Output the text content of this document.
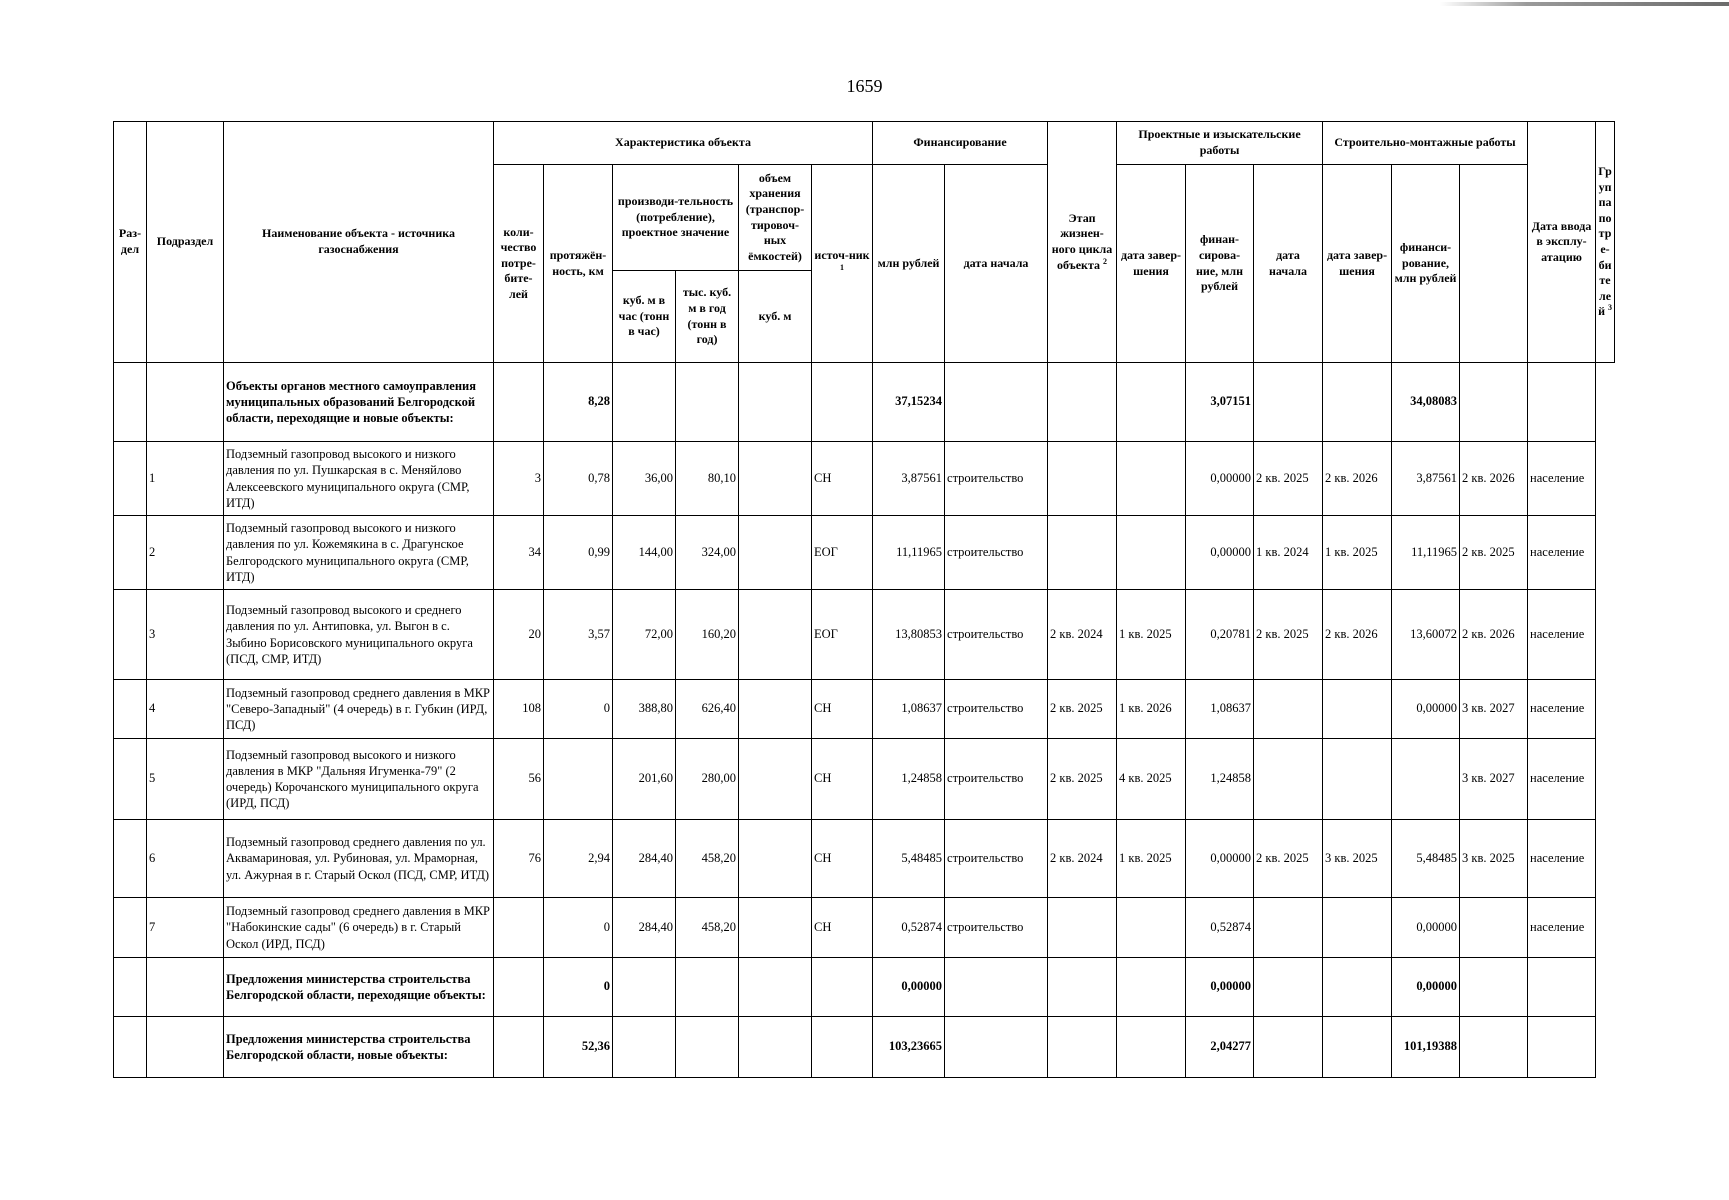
1659
Раз-дел	Подраздел	Наименование объекта - источника газоснабжения	Характеристика объекта						Финансирование		Этап жизнен-ного цикла объекта $^2$	Проектные и изыскательские работы			Строительно-монтажные работы			Дата ввода в эксплу-атацию	Группа потре-бителей $^3$
			коли-чество потре-бите-лей	протяжён-ность, км	производи-тельность (потребление), проектное значение		объем хранения (транспор-тировоч-ных ёмкостей)	источ-ник $^1$	млн рублей	дата начала		дата завер-шения	финан-сирова-ние, млн рублей	дата начала	дата завер-шения	финанси-рование, млн рублей			
					куб. м в час (тонн в час)	тыс. куб. м в год (тонн в год)	куб. м												
		Объекты органов местного самоуправления муниципальных образований Белгородской области, переходящие и новые объекты:		8,28					37,15234				3,07151			34,08083			
	1	Подземный газопровод высокого и низкого давления по ул. Пушкарская в с. Меняйлово Алексеевского муниципального округа (СМР, ИТД)	3	0,78	36,00	80,10		СН	3,87561	строительство			0,00000	2 кв. 2025	2 кв. 2026	3,87561	2 кв. 2026	население	
	2	Подземный газопровод высокого и низкого давления по ул. Кожемякина в с. Драгунское Белгородского муниципального округа (СМР, ИТД)	34	0,99	144,00	324,00		ЕОГ	11,11965	строительство			0,00000	1 кв. 2024	1 кв. 2025	11,11965	2 кв. 2025	население	
	3	Подземный газопровод высокого и среднего давления по ул. Антиповка, ул. Выгон в с. Зыбино Борисовского муниципального округа (ПСД, СМР, ИТД)	20	3,57	72,00	160,20		ЕОГ	13,80853	строительство	2 кв. 2024	1 кв. 2025	0,20781	2 кв. 2025	2 кв. 2026	13,60072	2 кв. 2026	население	
	4	Подземный газопровод среднего давления в МКР "Северо-Западный" (4 очередь) в г. Губкин (ИРД, ПСД)	108	0	388,80	626,40		СН	1,08637	строительство	2 кв. 2025	1 кв. 2026	1,08637			0,00000	3 кв. 2027	население	
	5	Подземный газопровод высокого и низкого давления в МКР "Дальняя Игуменка-79" (2 очередь) Корочанского муниципального округа (ИРД, ПСД)	56		201,60	280,00		СН	1,24858	строительство	2 кв. 2025	4 кв. 2025	1,24858				3 кв. 2027	население	
	6	Подземный газопровод среднего давления по ул. Аквамариновая, ул. Рубиновая, ул. Мраморная, ул. Ажурная в г. Старый Оскол (ПСД, СМР, ИТД)	76	2,94	284,40	458,20		СН	5,48485	строительство	2 кв. 2024	1 кв. 2025	0,00000	2 кв. 2025	3 кв. 2025	5,48485	3 кв. 2025	население	
	7	Подземный газопровод среднего давления в МКР "Набокинские сады" (6 очередь) в г. Старый Оскол (ИРД, ПСД)		0	284,40	458,20		СН	0,52874	строительство			0,52874			0,00000		население	
		Предложения министерства строительства Белгородской области, переходящие объекты:		0					0,00000				0,00000			0,00000			
		Предложения министерства строительства Белгородской области, новые объекты:		52,36					103,23665				2,04277			101,19388			
